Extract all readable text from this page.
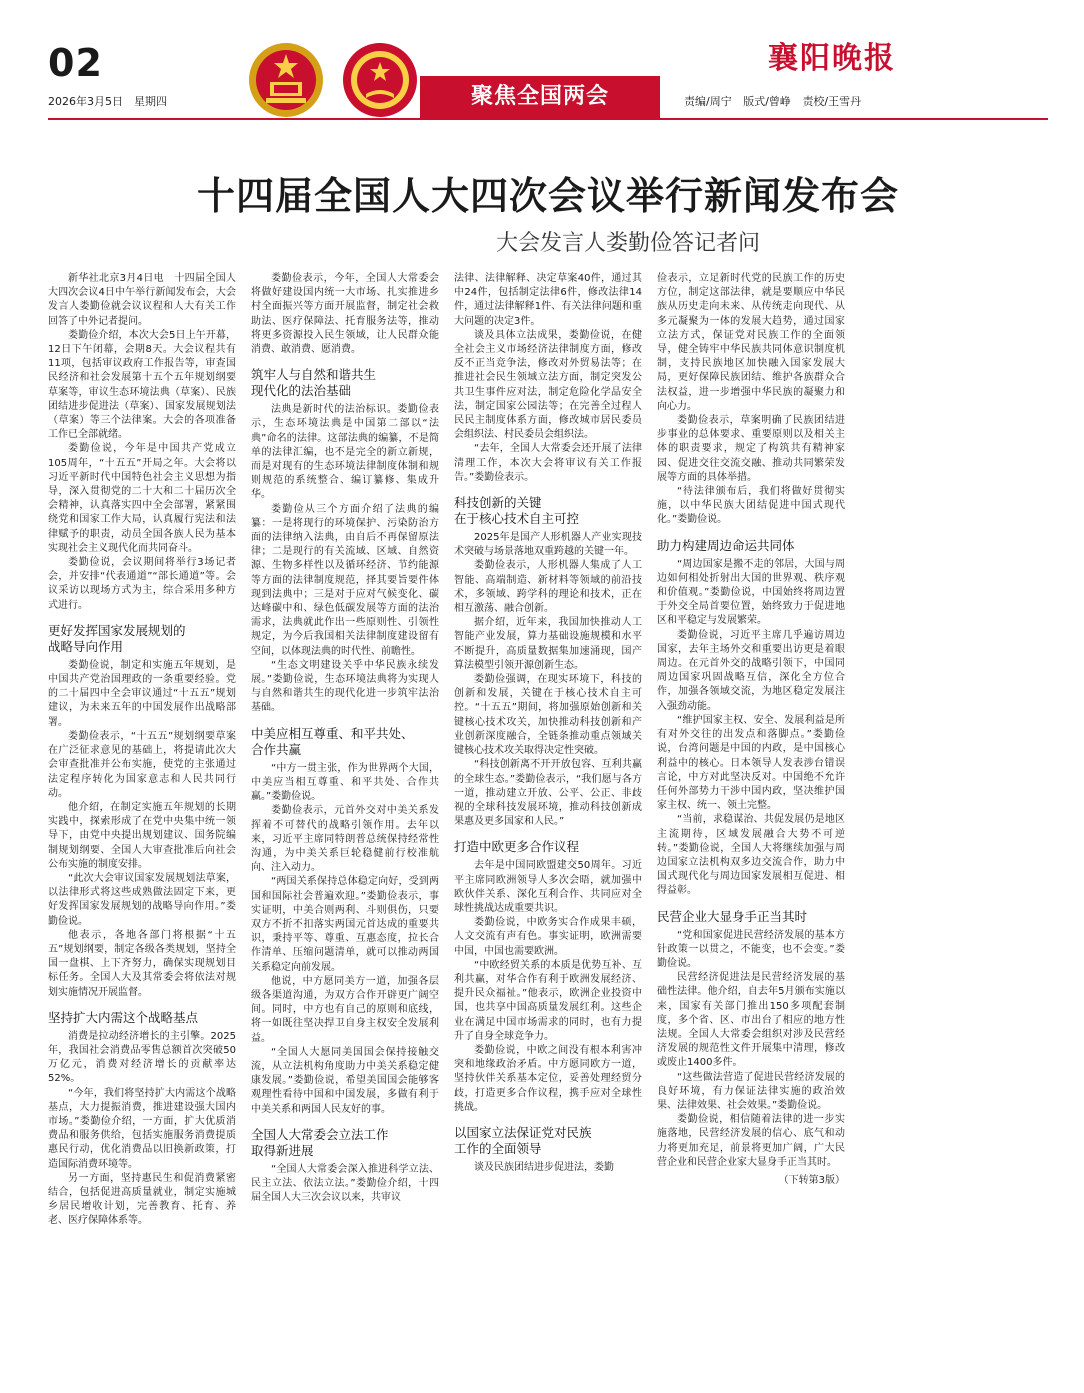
02
2026年3月5日　星期四	聚焦全国两会
襄阳晚报
责编/周宁 版式/曾峥 责校/王雪丹
十四届全国人大四次会议举行新闻发布会
大会发言人娄勤俭答记者问

新华社北京3月4日电　十四届全国人大四次会议4日中午举行新闻发布会，大会发言人娄勤俭就会议议程和人大有关工作回答了中外记者提问。

娄勤俭介绍，本次大会5日上午开幕，12日下午闭幕，会期8天。大会议程共有11项，包括审议政府工作报告等，审查国民经济和社会发展第十五个五年规划纲要草案等，审议生态环境法典（草案）、民族团结进步促进法（草案）、国家发展规划法（草案）等三个法律案。大会的各项准备工作已全部就绪。

娄勤俭说，今年是中国共产党成立105周年，“十五五”开局之年。大会将以习近平新时代中国特色社会主义思想为指导，深入贯彻党的二十大和二十届历次全会精神，认真落实四中全会部署，紧紧围绕党和国家工作大局，认真履行宪法和法律赋予的职责，动员全国各族人民为基本实现社会主义现代化而共同奋斗。

娄勤俭说，会议期间将举行3场记者会，并安排“代表通道”“部长通道”等。会议采访以现场方式为主，综合采用多种方式进行。

更好发挥国家发展规划的
战略导向作用

娄勤俭说，制定和实施五年规划，是中国共产党治国理政的一条重要经验。党的二十届四中全会审议通过“十五五”规划建议，为未来五年的中国发展作出战略部署。

娄勤俭表示，“十五五”规划纲要草案在广泛征求意见的基础上，将提请此次大会审查批准并公布实施，使党的主张通过法定程序转化为国家意志和人民共同行动。

他介绍，在制定实施五年规划的长期实践中，探索形成了在党中央集中统一领导下，由党中央提出规划建议、国务院编制规划纲要、全国人大审查批准后向社会公布实施的制度安排。

“此次大会审议国家发展规划法草案，以法律形式将这些成熟做法固定下来，更好发挥国家发展规划的战略导向作用。”娄勤俭说。

他表示，各地各部门将根据“十五五”规划纲要，制定各级各类规划，坚持全国一盘棋、上下齐努力，确保实现规划目标任务。全国人大及其常委会将依法对规划实施情况开展监督。

坚持扩大内需这个战略基点

消费是拉动经济增长的主引擎。2025年，我国社会消费品零售总额首次突破50万亿元，消费对经济增长的贡献率达52%。

“今年，我们将坚持扩大内需这个战略基点，大力提振消费，推进建设强大国内市场。”娄勤俭介绍，一方面，扩大优质消费品和服务供给，包括实施服务消费提质惠民行动，优化消费品以旧换新政策，打造国际消费环境等。

另一方面，坚持惠民生和促消费紧密结合，包括促进高质量就业，制定实施城乡居民增收计划，完善教育、托育、养老、医疗保障体系等。

娄勤俭表示，今年，全国人大常委会将做好建设国内统一大市场、扎实推进乡村全面振兴等方面开展监督，制定社会救助法、医疗保障法、托育服务法等，推动将更多资源投入民生领域，让人民群众能消费、敢消费、愿消费。

筑牢人与自然和谐共生
现代化的法治基础

法典是新时代的法治标识。娄勤俭表示，生态环境法典是中国第二部以“法典”命名的法律。这部法典的编纂，不是简单的法律汇编，也不是完全的新立新规，而是对现有的生态环境法律制度体制和规则规范的系统整合、编订纂修、集成升华。

娄勤俭从三个方面介绍了法典的编纂：一是将现行的环境保护、污染防治方面的法律纳入法典，由自后不再保留原法律；二是现行的有关流域、区域、自然资源、生物多样性以及循环经济、节约能源等方面的法律制度规范，择其要旨要件体现到法典中；三是对于应对气候变化、碳达峰碳中和、绿色低碳发展等方面的法治需求，法典就此作出一些原则性、引领性规定，为今后我国相关法律制度建设留有空间，以体现法典的时代性、前瞻性。

“生态文明建设关乎中华民族永续发展。”娄勤俭说，生态环境法典将为实现人与自然和谐共生的现代化进一步筑牢法治基础。

中美应相互尊重、和平共处、
合作共赢

“中方一贯主张，作为世界两个大国，中美应当相互尊重、和平共处、合作共赢。”娄勤俭说。

娄勤俭表示，元首外交对中美关系发挥着不可替代的战略引领作用。去年以来，习近平主席同特朗普总统保持经常性沟通，为中美关系巨轮稳健前行校准航向、注入动力。

“两国关系保持总体稳定向好，受到两国和国际社会普遍欢迎。”娄勤俭表示，事实证明，中美合则两利、斗则俱伤，只要双方不折不扣落实两国元首达成的重要共识，秉持平等、尊重、互惠态度，拉长合作清单、压缩问题清单，就可以推动两国关系稳定向前发展。

他说，中方愿同美方一道，加强各层级各渠道沟通，为双方合作开辟更广阔空间。同时，中方也有自己的原则和底线，将一如既往坚决捍卫自身主权安全发展利益。

“全国人大愿同美国国会保持接触交流，从立法机构角度助力中美关系稳定健康发展。”娄勤俭说，希望美国国会能够客观理性看待中国和中国发展，多做有利于中美关系和两国人民友好的事。

全国人大常委会立法工作
取得新进展

“全国人大常委会深入推进科学立法、民主立法、依法立法。”娄勤俭介绍，十四届全国人大三次会议以来，共审议

法律、法律解释、决定草案40件，通过其中24件，包括制定法律6件，修改法律14件，通过法律解释1件、有关法律问题和重大问题的决定3件。

谈及具体立法成果，娄勤俭说，在健全社会主义市场经济法律制度方面，修改反不正当竞争法，修改对外贸易法等；在推进社会民生领域立法方面，制定突发公共卫生事件应对法，制定危险化学品安全法，制定国家公园法等；在完善全过程人民民主制度体系方面，修改城市居民委员会组织法、村民委员会组织法。

“去年，全国人大常委会还开展了法律清理工作，本次大会将审议有关工作报告。”娄勤俭表示。

科技创新的关键
在于核心技术自主可控

2025年是国产人形机器人产业实现技术突破与场景落地双重跨越的关键一年。

娄勤俭表示，人形机器人集成了人工智能、高端制造、新材料等领域的前沿技术，多领域、跨学科的理论和技术，正在相互激荡、融合创新。

据介绍，近年来，我国加快推动人工智能产业发展，算力基础设施规模和水平不断提升，高质量数据集加速涌现，国产算法模型引领开源创新生态。

娄勤俭强调，在现实环境下，科技的创新和发展，关键在于核心技术自主可控。“十五五”期间，将加强原始创新和关键核心技术攻关，加快推动科技创新和产业创新深度融合，全链条推动重点领域关键核心技术攻关取得决定性突破。

“科技创新离不开开放包容、互利共赢的全球生态。”娄勤俭表示，“我们愿与各方一道，推动建立开放、公平、公正、非歧视的全球科技发展环境，推动科技创新成果惠及更多国家和人民。”

打造中欧更多合作议程

去年是中国同欧盟建交50周年。习近平主席同欧洲领导人多次会晤，就加强中欧伙伴关系、深化互利合作、共同应对全球性挑战达成重要共识。

娄勤俭说，中欧务实合作成果丰硕，人文交流有声有色。事实证明，欧洲需要中国，中国也需要欧洲。

“中欧经贸关系的本质是优势互补、互利共赢，对华合作有利于欧洲发展经济、提升民众福祉。”他表示，欧洲企业投资中国，也共享中国高质量发展红利。这些企业在满足中国市场需求的同时，也有力提升了自身全球竞争力。

娄勤俭说，中欧之间没有根本利害冲突和地缘政治矛盾。中方愿同欧方一道，坚持伙伴关系基本定位，妥善处理经贸分歧，打造更多合作议程，携手应对全球性挑战。

以国家立法保证党对民族
工作的全面领导

谈及民族团结进步促进法，娄勤

俭表示，立足新时代党的民族工作的历史方位，制定这部法律，就是要顺应中华民族从历史走向未来、从传统走向现代、从多元凝聚为一体的发展大趋势，通过国家立法方式，保证党对民族工作的全面领导，健全铸牢中华民族共同体意识制度机制，支持民族地区加快融入国家发展大局，更好保障民族团结、维护各族群众合法权益，进一步增强中华民族的凝聚力和向心力。

娄勤俭表示，草案明确了民族团结进步事业的总体要求、重要原则以及相关主体的职责要求，规定了构筑共有精神家园、促进交往交流交融、推动共同繁荣发展等方面的具体举措。

“待法律颁布后，我们将做好贯彻实施，以中华民族大团结促进中国式现代化。”娄勤俭说。

助力构建周边命运共同体

“周边国家是搬不走的邻居，大国与周边如何相处折射出大国的世界观、秩序观和价值观。”娄勤俭说，中国始终将周边置于外交全局首要位置，始终致力于促进地区和平稳定与发展繁荣。

娄勤俭说，习近平主席几乎遍访周边国家，去年主场外交和重要出访更是着眼周边。在元首外交的战略引领下，中国同周边国家巩固战略互信，深化全方位合作，加强各领域交流，为地区稳定发展注入强劲动能。

“维护国家主权、安全、发展利益是所有对外交往的出发点和落脚点。”娄勤俭说，台湾问题是中国的内政，是中国核心利益中的核心。日本领导人发表涉台错误言论，中方对此坚决反对。中国绝不允许任何外部势力干涉中国内政，坚决维护国家主权、统一、领土完整。

“当前，求稳谋治、共促发展仍是地区主流期待，区域发展融合大势不可逆转。”娄勤俭说，全国人大将继续加强与周边国家立法机构双多边交流合作，助力中国式现代化与周边国家发展相互促进、相得益彰。

民营企业大显身手正当其时

“党和国家促进民营经济发展的基本方针政策一以贯之，不能变，也不会变。”娄勤俭说。

民营经济促进法是民营经济发展的基础性法律。他介绍，自去年5月颁布实施以来，国家有关部门推出150多项配套制度，多个省、区、市出台了相应的地方性法规。全国人大常委会组织对涉及民营经济发展的规范性文件开展集中清理，修改或废止1400多件。

“这些做法营造了促进民营经济发展的良好环境，有力保证法律实施的政治效果、法律效果、社会效果。”娄勤俭说。

娄勤俭说，相信随着法律的进一步实施落地，民营经济发展的信心、底气和动力将更加充足，前景将更加广阔，广大民营企业和民营企业家大显身手正当其时。

（下转第3版）
